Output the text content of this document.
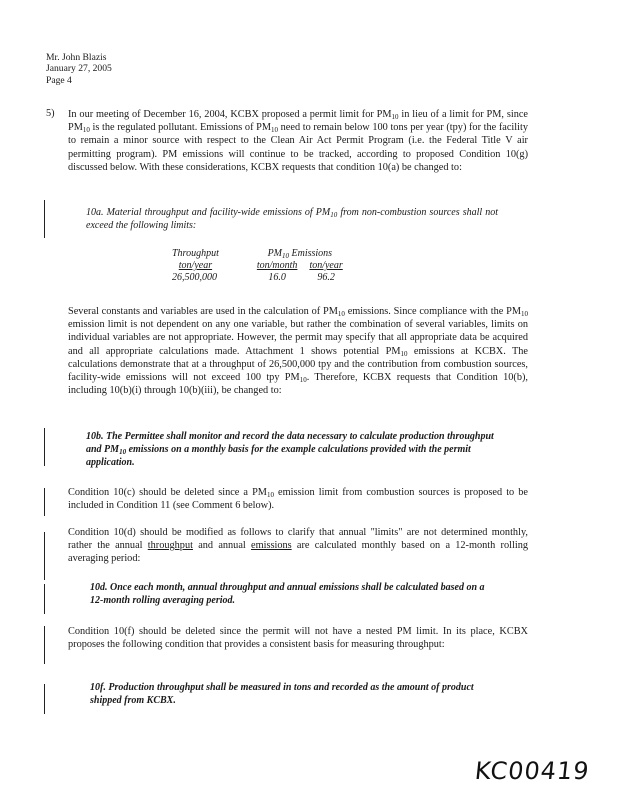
Mr. John Blazis
January 27, 2005
Page 4
5) In our meeting of December 16, 2004, KCBX proposed a permit limit for $PM_{10}$ in lieu of a limit for PM, since $PM_{10}$ is the regulated pollutant. Emissions of $PM_{10}$ need to remain below 100 tons per year (tpy) for the facility to remain a minor source with respect to the Clean Air Act Permit Program (i.e. the Federal Title V air permitting program). PM emissions will continue to be tracked, according to proposed Condition 10(g) discussed below. With these considerations, KCBX requests that condition 10(a) be changed to:
10a. Material throughput and facility-wide emissions of $PM_{10}$ from non-combustion sources shall not exceed the following limits:
Throughput		$PM_{10}$ Emissions	
ton/year		ton/month	ton/year
26,500,000		16.0	96.2
Several constants and variables are used in the calculation of $PM_{10}$ emissions. Since compliance with the $PM_{10}$ emission limit is not dependent on any one variable, but rather the combination of several variables, limits on individual variables are not appropriate. However, the permit may specify that all appropriate data be acquired and all appropriate calculations made. Attachment 1 shows potential $PM_{10}$ emissions at KCBX. The calculations demonstrate that at a throughput of 26,500,000 tpy and the contribution from combustion sources, facility-wide emissions will not exceed 100 tpy $PM_{10}$. Therefore, KCBX requests that Condition 10(b), including 10(b)(i) through 10(b)(iii), be changed to:
10b. The Permittee shall monitor and record the data necessary to calculate production throughput and $PM_{10}$ emissions on a monthly basis for the example calculations provided with the permit application.
Condition 10(c) should be deleted since a $PM_{10}$ emission limit from combustion sources is proposed to be included in Condition 11 (see Comment 6 below).
Condition 10(d) should be modified as follows to clarify that annual "limits" are not determined monthly, rather the annual throughput and annual emissions are calculated monthly based on a 12-month rolling averaging period:
10d. Once each month, annual throughput and annual emissions shall be calculated based on a 12-month rolling averaging period.
Condition 10(f) should be deleted since the permit will not have a nested PM limit. In its place, KCBX proposes the following condition that provides a consistent basis for measuring throughput:
10f. Production throughput shall be measured in tons and recorded as the amount of product shipped from KCBX.
KC00419
